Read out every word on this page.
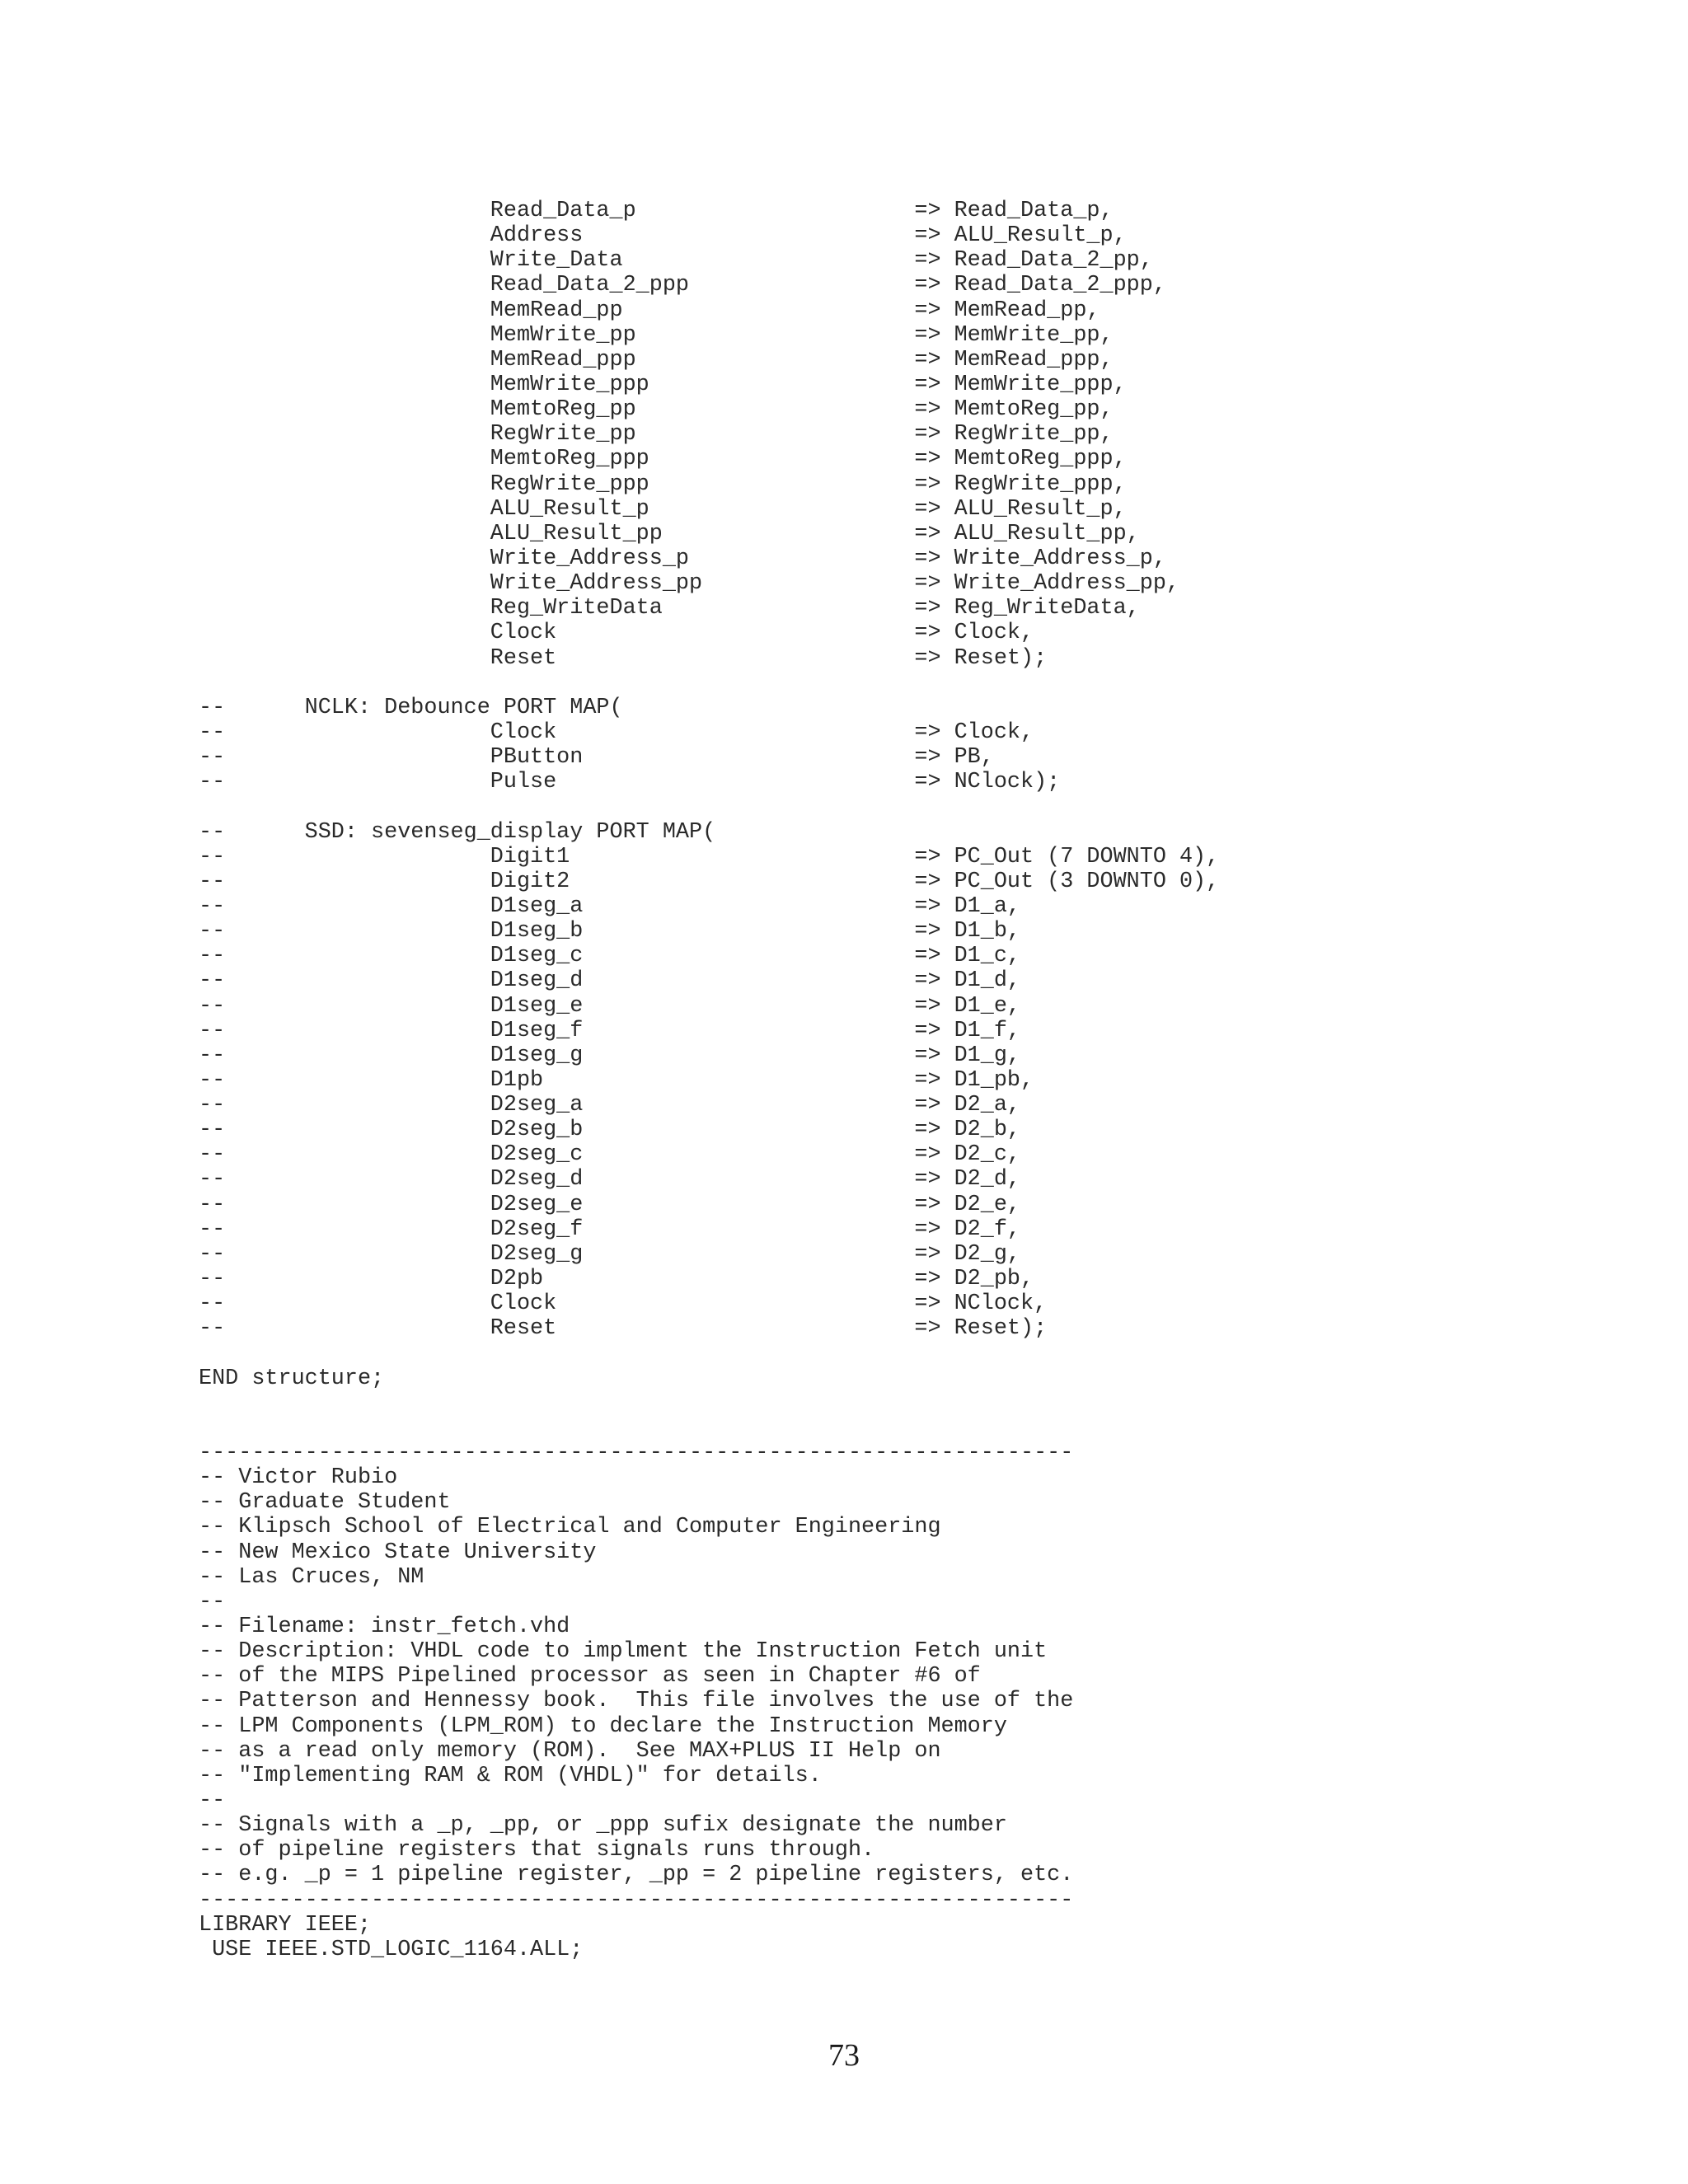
Read_Data_p                     => Read_Data_p,
Address                         => ALU_Result_p,
Write_Data                      => Read_Data_2_pp,
Read_Data_2_ppp                 => Read_Data_2_ppp,
MemRead_pp                      => MemRead_pp,
MemWrite_pp                     => MemWrite_pp,
MemRead_ppp                     => MemRead_ppp,
MemWrite_ppp                    => MemWrite_ppp,
MemtoReg_pp                     => MemtoReg_pp,
RegWrite_pp                     => RegWrite_pp,
MemtoReg_ppp                    => MemtoReg_ppp,
RegWrite_ppp                    => RegWrite_ppp,
ALU_Result_p                    => ALU_Result_p,
ALU_Result_pp                   => ALU_Result_pp,
Write_Address_p                 => Write_Address_p,
Write_Address_pp                => Write_Address_pp,
Reg_WriteData                   => Reg_WriteData,
Clock                           => Clock,
Reset                           => Reset);
--      NCLK: Debounce PORT MAP(
--                    Clock                           => Clock,
--                    PButton                         => PB,
--                    Pulse                           => NClock);
--      SSD: sevenseg_display PORT MAP(
--                    Digit1                          => PC_Out (7 DOWNTO 4),
--                    Digit2                          => PC_Out (3 DOWNTO 0),
--                    D1seg_a                         => D1_a,
--                    D1seg_b                         => D1_b,
--                    D1seg_c                         => D1_c,
--                    D1seg_d                         => D1_d,
--                    D1seg_e                         => D1_e,
--                    D1seg_f                         => D1_f,
--                    D1seg_g                         => D1_g,
--                    D1pb                            => D1_pb,
--                    D2seg_a                         => D2_a,
--                    D2seg_b                         => D2_b,
--                    D2seg_c                         => D2_c,
--                    D2seg_d                         => D2_d,
--                    D2seg_e                         => D2_e,
--                    D2seg_f                         => D2_f,
--                    D2seg_g                         => D2_g,
--                    D2pb                            => D2_pb,
--                    Clock                           => NClock,
--                    Reset                           => Reset);
END structure;
------------------------------------------------------------------
-- Victor Rubio
-- Graduate Student
-- Klipsch School of Electrical and Computer Engineering
-- New Mexico State University
-- Las Cruces, NM
--
-- Filename: instr_fetch.vhd
-- Description: VHDL code to implment the Instruction Fetch unit
-- of the MIPS Pipelined processor as seen in Chapter #6 of
-- Patterson and Hennessy book.  This file involves the use of the
-- LPM Components (LPM_ROM) to declare the Instruction Memory
-- as a read only memory (ROM).  See MAX+PLUS II Help on
-- "Implementing RAM & ROM (VHDL)" for details.
--
-- Signals with a _p, _pp, or _ppp sufix designate the number
-- of pipeline registers that signals runs through.
-- e.g. _p = 1 pipeline register, _pp = 2 pipeline registers, etc.
------------------------------------------------------------------
LIBRARY IEEE;
USE IEEE.STD_LOGIC_1164.ALL;
73
